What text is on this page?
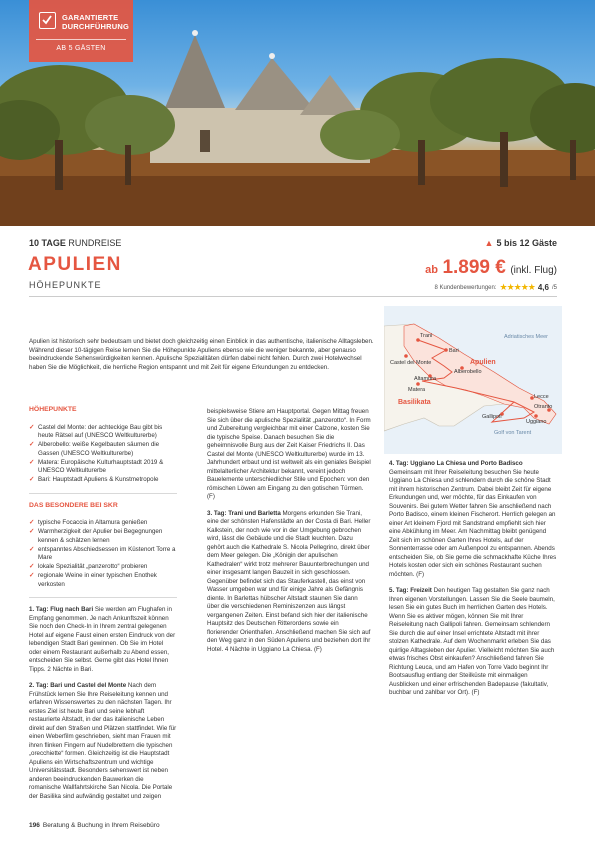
GARANTIERTE
DURCHFÜHRUNG
AB 5 GÄSTEN
10 TAGE RUNDREISE
APULIEN
HÖHEPUNKTE
▲ 5 bis 12 Gäste
ab 1.899 € (inkl. Flug)
8 Kundenbewertungen: ★★★★★ 4,6 /5
Apulien ist historisch sehr bedeutsam und bietet doch gleichzeitig einen Einblick in das authentische, italienische Alltagsleben. Während dieser 10-tägigen Reise lernen Sie die Höhepunkte Apuliens ebenso wie die weniger bekannte, aber genauso beeindruckende Sehenswürdigkeiten kennen. Apulische Spezialitäten dürfen dabei nicht fehlen. Durch zwei Hotelwechsel haben Sie die Möglichkeit, die herrliche Region entspannt und mit Zeit für eigene Erkundungen zu entdecken.
Adriatisches Meer
Golf von Tarent
Apulien
Basilikata
Trani
Bari
Castel del Monte
Alberobello
Altamura
Matera
Lecce
Otranto
Uggiano
Gallipoli
HÖHEPUNKTE
✓ Castel del Monte: der achteckige Bau gibt bis heute Rätsel auf (UNESCO Weltkulturerbe)
✓ Alberobello: weiße Kegelbauten säumen die Gassen (UNESCO Weltkulturerbe)
✓ Matera: Europäische Kulturhauptstadt 2019 & UNESCO Weltkulturerbe
✓ Bari: Hauptstadt Apuliens & Kunstmetropole
DAS BESONDERE BEI SKR
✓ typische Focaccia in Altamura genießen
✓ Warmherzigkeit der Apulier bei Begegnungen kennen & schätzen lernen
✓ entspanntes Abschiedsessen im Küstenort Torre a Mare
✓ lokale Spezialität „panzerotto“ probieren
✓ regionale Weine in einer typischen Enothek verkosten

1. Tag: Flug nach Bari Sie werden am Flughafen in Empfang genommen. Je nach Ankunftszeit können Sie noch den Check-In in Ihrem zentral gelegenen Hotel auf eigene Faust einen ersten Eindruck von der lebendigen Stadt Bari gewinnen. Ob Sie im Hotel oder einem Restaurant außerhalb zu Abend essen, entscheiden Sie selbst. Gerne gibt das Hotel Ihnen Tipps. 2 Nächte in Bari.

2. Tag: Bari und Castel del Monte Nach dem Frühstück lernen Sie Ihre Reiseleitung kennen und erfahren Wissenswertes zu den nächsten Tagen. Ihr erstes Ziel ist heute Bari und seine lebhaft restaurierte Altstadt, in der das italienische Leben direkt auf den Straßen und Plätzen stattfindet. Wie für einen Weberfilm geschrieben, sieht man Frauen mit ihren flinken Fingern auf Nudelbrettern die typischen „orecchiette“ formen. Gleichzeitig ist die Hauptstadt Apuliens ein Wirtschaftszentrum und wichtige Universitätsstadt. Besonders sehenswert ist neben anderen beeindruckenden Bauwerken die romanische Wallfahrtskirche San Nicola. Die Portale der Basilika sind aufwändig gestaltet und zeigen

beispielsweise Stiere am Hauptportal. Gegen Mittag freuen Sie sich über die apulische Spezialität „panzerotto“. In Form und Zubereitung vergleichbar mit einer Calzone, kosten Sie die typische Speise. Danach besuchen Sie die geheimnisvolle Burg aus der Zeit Kaiser Friedrichs II. Das Castel del Monte (UNESCO Weltkulturerbe) wurde im 13. Jahrhundert erbaut und ist weltweit als ein geniales Beispiel mittelalterlicher Architektur bekannt, vereint jedoch Bauelemente unterschiedlicher Stile und Epochen: von den römischen Löwen am Eingang zu den gotischen Türmen. (F)

3. Tag: Trani und Barletta Morgens erkunden Sie Trani, eine der schönsten Hafenstädte an der Costa di Bari. Heller Kalkstein, der noch wie vor in der Umgebung gebrochen wird, lässt die Gebäude und die Stadt leuchten. Dazu gehört auch die Kathedrale S. Nicola Pellegrino, direkt über dem Meer gelegen. Die „Königin der apulischen Kathedralen“ wirkt trotz mehrerer Bauunterbrechungen und einer insgesamt langen Bauzeit in sich geschlossen. Gegenüber befindet sich das Stauferkastell, das einst von Wasser umgeben war und für einige Jahre als Gefängnis diente. In Barlettas hübscher Altstadt staunen Sie dann über die verschiedenen Reminiszenzen aus längst vergangenen Zeiten. Einst befand sich hier der italienische Hauptsitz des Deutschen Ritterordens sowie ein florierender Orienthafen. Anschließend machen Sie sich auf den Weg ganz in den Süden Apuliens und beziehen dort Ihr Hotel. 4 Nächte in Uggiano La Chiesa. (F)

4. Tag: Uggiano La Chiesa und Porto Badisco Gemeinsam mit Ihrer Reiseleitung besuchen Sie heute Uggiano La Chiesa und schlendern durch die schöne Stadt mit ihrem historischen Zentrum. Dabei bleibt Zeit für eigene Erkundungen und, wer möchte, für das Einkaufen von Souvenirs. Bei gutem Wetter fahren Sie anschließend nach Porto Badisco, einem kleinen Fischerort. Herrlich gelegen an einer Art kleinem Fjord mit Sandstrand empfiehlt sich hier eine Abkühlung im Meer. Am Nachmittag bleibt genügend Zeit sich im schönen Garten Ihres Hotels, auf der Sonnenterrasse oder am Außenpool zu entspannen. Abends entscheiden Sie, ob Sie gerne die schmackhafte Küche Ihres Hotels kosten oder sich ein schönes Restaurant suchen möchten. (F)

5. Tag: Freizeit Den heutigen Tag gestalten Sie ganz nach Ihren eigenen Vorstellungen. Lassen Sie die Seele baumeln, lesen Sie ein gutes Buch im herrlichen Garten des Hotels. Wenn Sie es aktiver mögen, können Sie mit Ihrer Reiseleitung nach Gallipoli fahren. Gemeinsam schlendern Sie durch die auf einer Insel errichtete Altstadt mit ihrer stolzen Kathedrale. Auf dem Wochenmarkt erleben Sie das quirlige Alltagsleben der Apulier. Vielleicht möchten Sie auch etwas frisches Obst einkaufen? Anschließend fahren Sie Richtung Leuca, und am Hafen von Torre Vado beginnt Ihr Bootsausflug entlang der Steilküste mit einmaligen Ausblicken und einer erfrischenden Badepause (fakultativ, buchbar und zahlbar vor Ort). (F)

196 Beratung & Buchung in Ihrem Reisebüro
